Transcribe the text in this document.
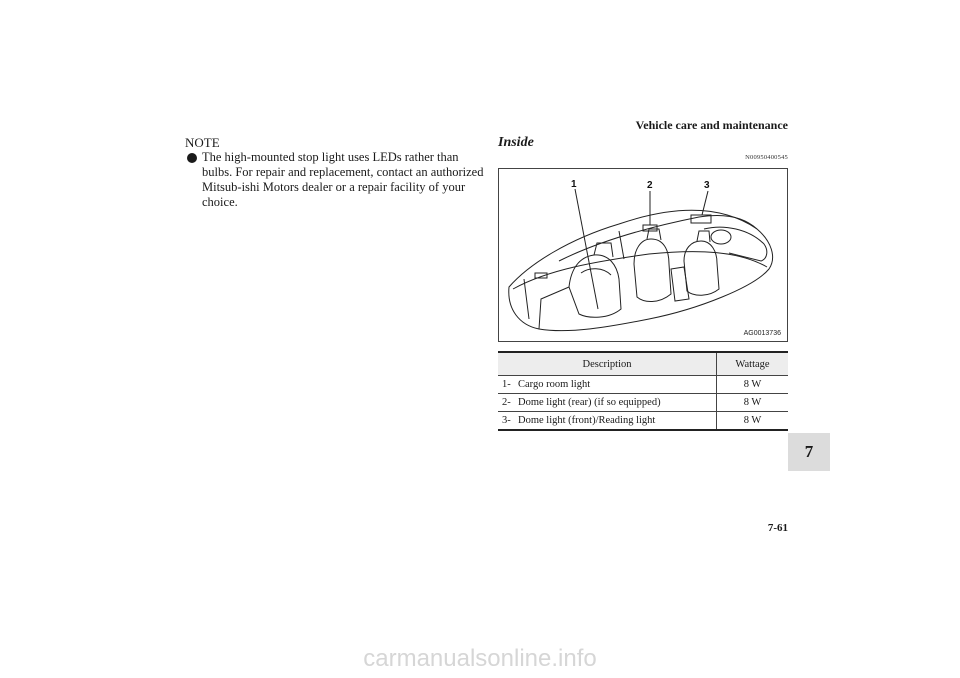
Vehicle care and maintenance
NOTE
The high-mounted stop light uses LEDs rather than bulbs. For repair and replacement, contact an authorized Mitsub-ishi Motors dealer or a repair facility of your choice.
Inside
N00950400545
1	2	3
AG0013736
Description	Wattage
1- Cargo room light	8 W
2- Dome light (rear) (if so equipped)	8 W
3- Dome light (front)/Reading light	8 W
7
7-61
carmanualsonline.info
